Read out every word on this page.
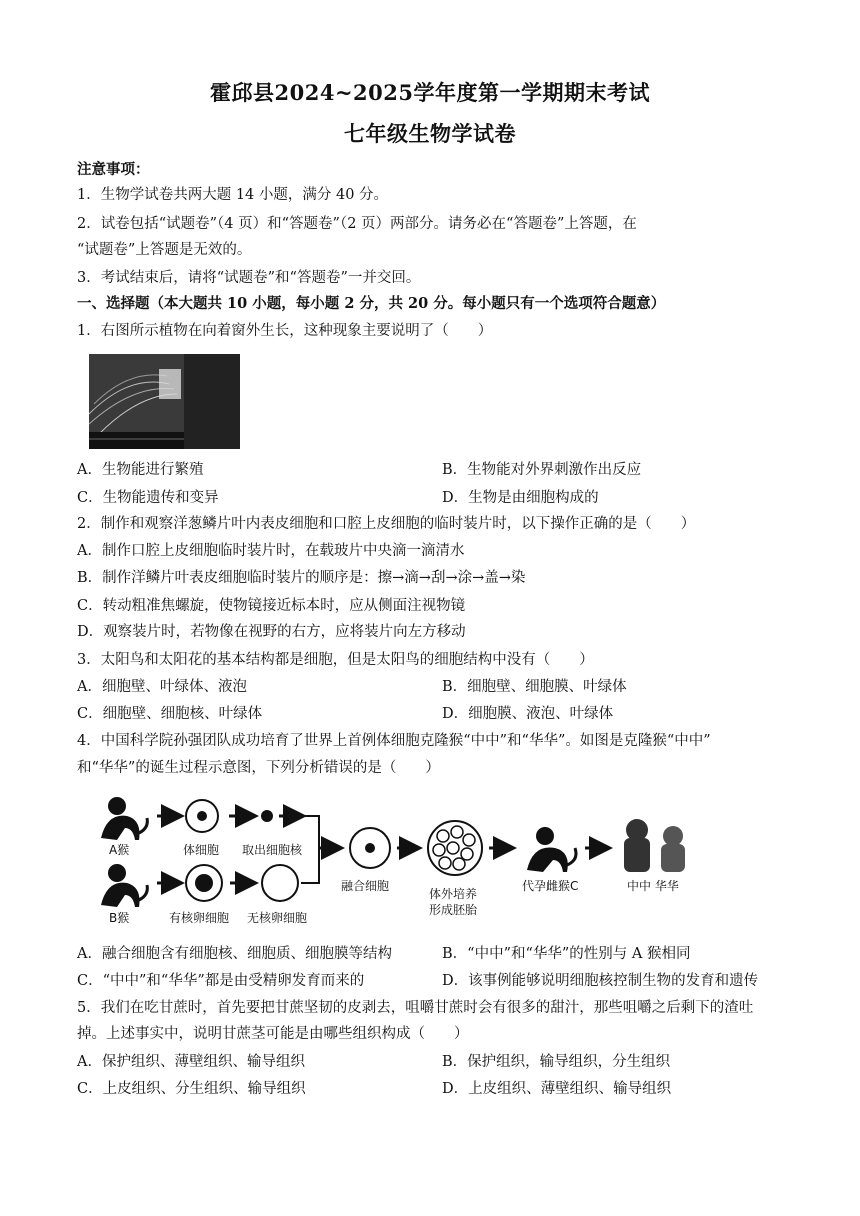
霍邱县2024~2025学年度第一学期期末考试
七年级生物学试卷
注意事项：
1．生物学试卷共两大题 14 小题，满分 40 分。
2．试卷包括“试题卷”（4 页）和“答题卷”（2 页）两部分。请务必在“答题卷”上答题，在
“试题卷”上答题是无效的。
3．考试结束后，请将“试题卷”和“答题卷”一并交回。
一、选择题（本大题共 10 小题，每小题 2 分，共 20 分。每小题只有一个选项符合题意）
1．右图所示植物在向着窗外生长，这种现象主要说明了（　　）
A．生物能进行繁殖	B．生物能对外界刺激作出反应
C．生物能遗传和变异	D．生物是由细胞构成的
2．制作和观察洋葱鳞片叶内表皮细胞和口腔上皮细胞的临时装片时，以下操作正确的是（　　）
A．制作口腔上皮细胞临时装片时，在载玻片中央滴一滴清水
B．制作洋鳞片叶表皮细胞临时装片的顺序是：擦→滴→刮→涂→盖→染
C．转动粗准焦螺旋，使物镜接近标本时，应从侧面注视物镜
D．观察装片时，若物像在视野的右方，应将装片向左方移动
3．太阳鸟和太阳花的基本结构都是细胞，但是太阳鸟的细胞结构中没有（　　）
A．细胞壁、叶绿体、液泡	B．细胞壁、细胞膜、叶绿体
C．细胞壁、细胞核、叶绿体	D．细胞膜、液泡、叶绿体
4．中国科学院孙强团队成功培育了世界上首例体细胞克隆猴“中中”和“华华”。如图是克隆猴“中中”
和“华华”的诞生过程示意图，下列分析错误的是（　　）
A猴	体细胞 取出细胞核
B猴	有核卵细胞 无核卵细胞
融合细胞
体外培养
形成胚胎
代孕雌猴C	中中 华华
A．融合细胞含有细胞核、细胞质、细胞膜等结构	B．“中中”和“华华”的性别与 A 猴相同
C．“中中”和“华华”都是由受精卵发育而来的	D．该事例能够说明细胞核控制生物的发育和遗传
5．我们在吃甘蔗时，首先要把甘蔗坚韧的皮剥去，咀嚼甘蔗时会有很多的甜汁，那些咀嚼之后剩下的渣吐
掉。上述事实中，说明甘蔗茎可能是由哪些组织构成（　　）
A．保护组织、薄壁组织、输导组织	B．保护组织，输导组织，分生组织
C．上皮组织、分生组织、输导组织	D．上皮组织、薄壁组织、输导组织
